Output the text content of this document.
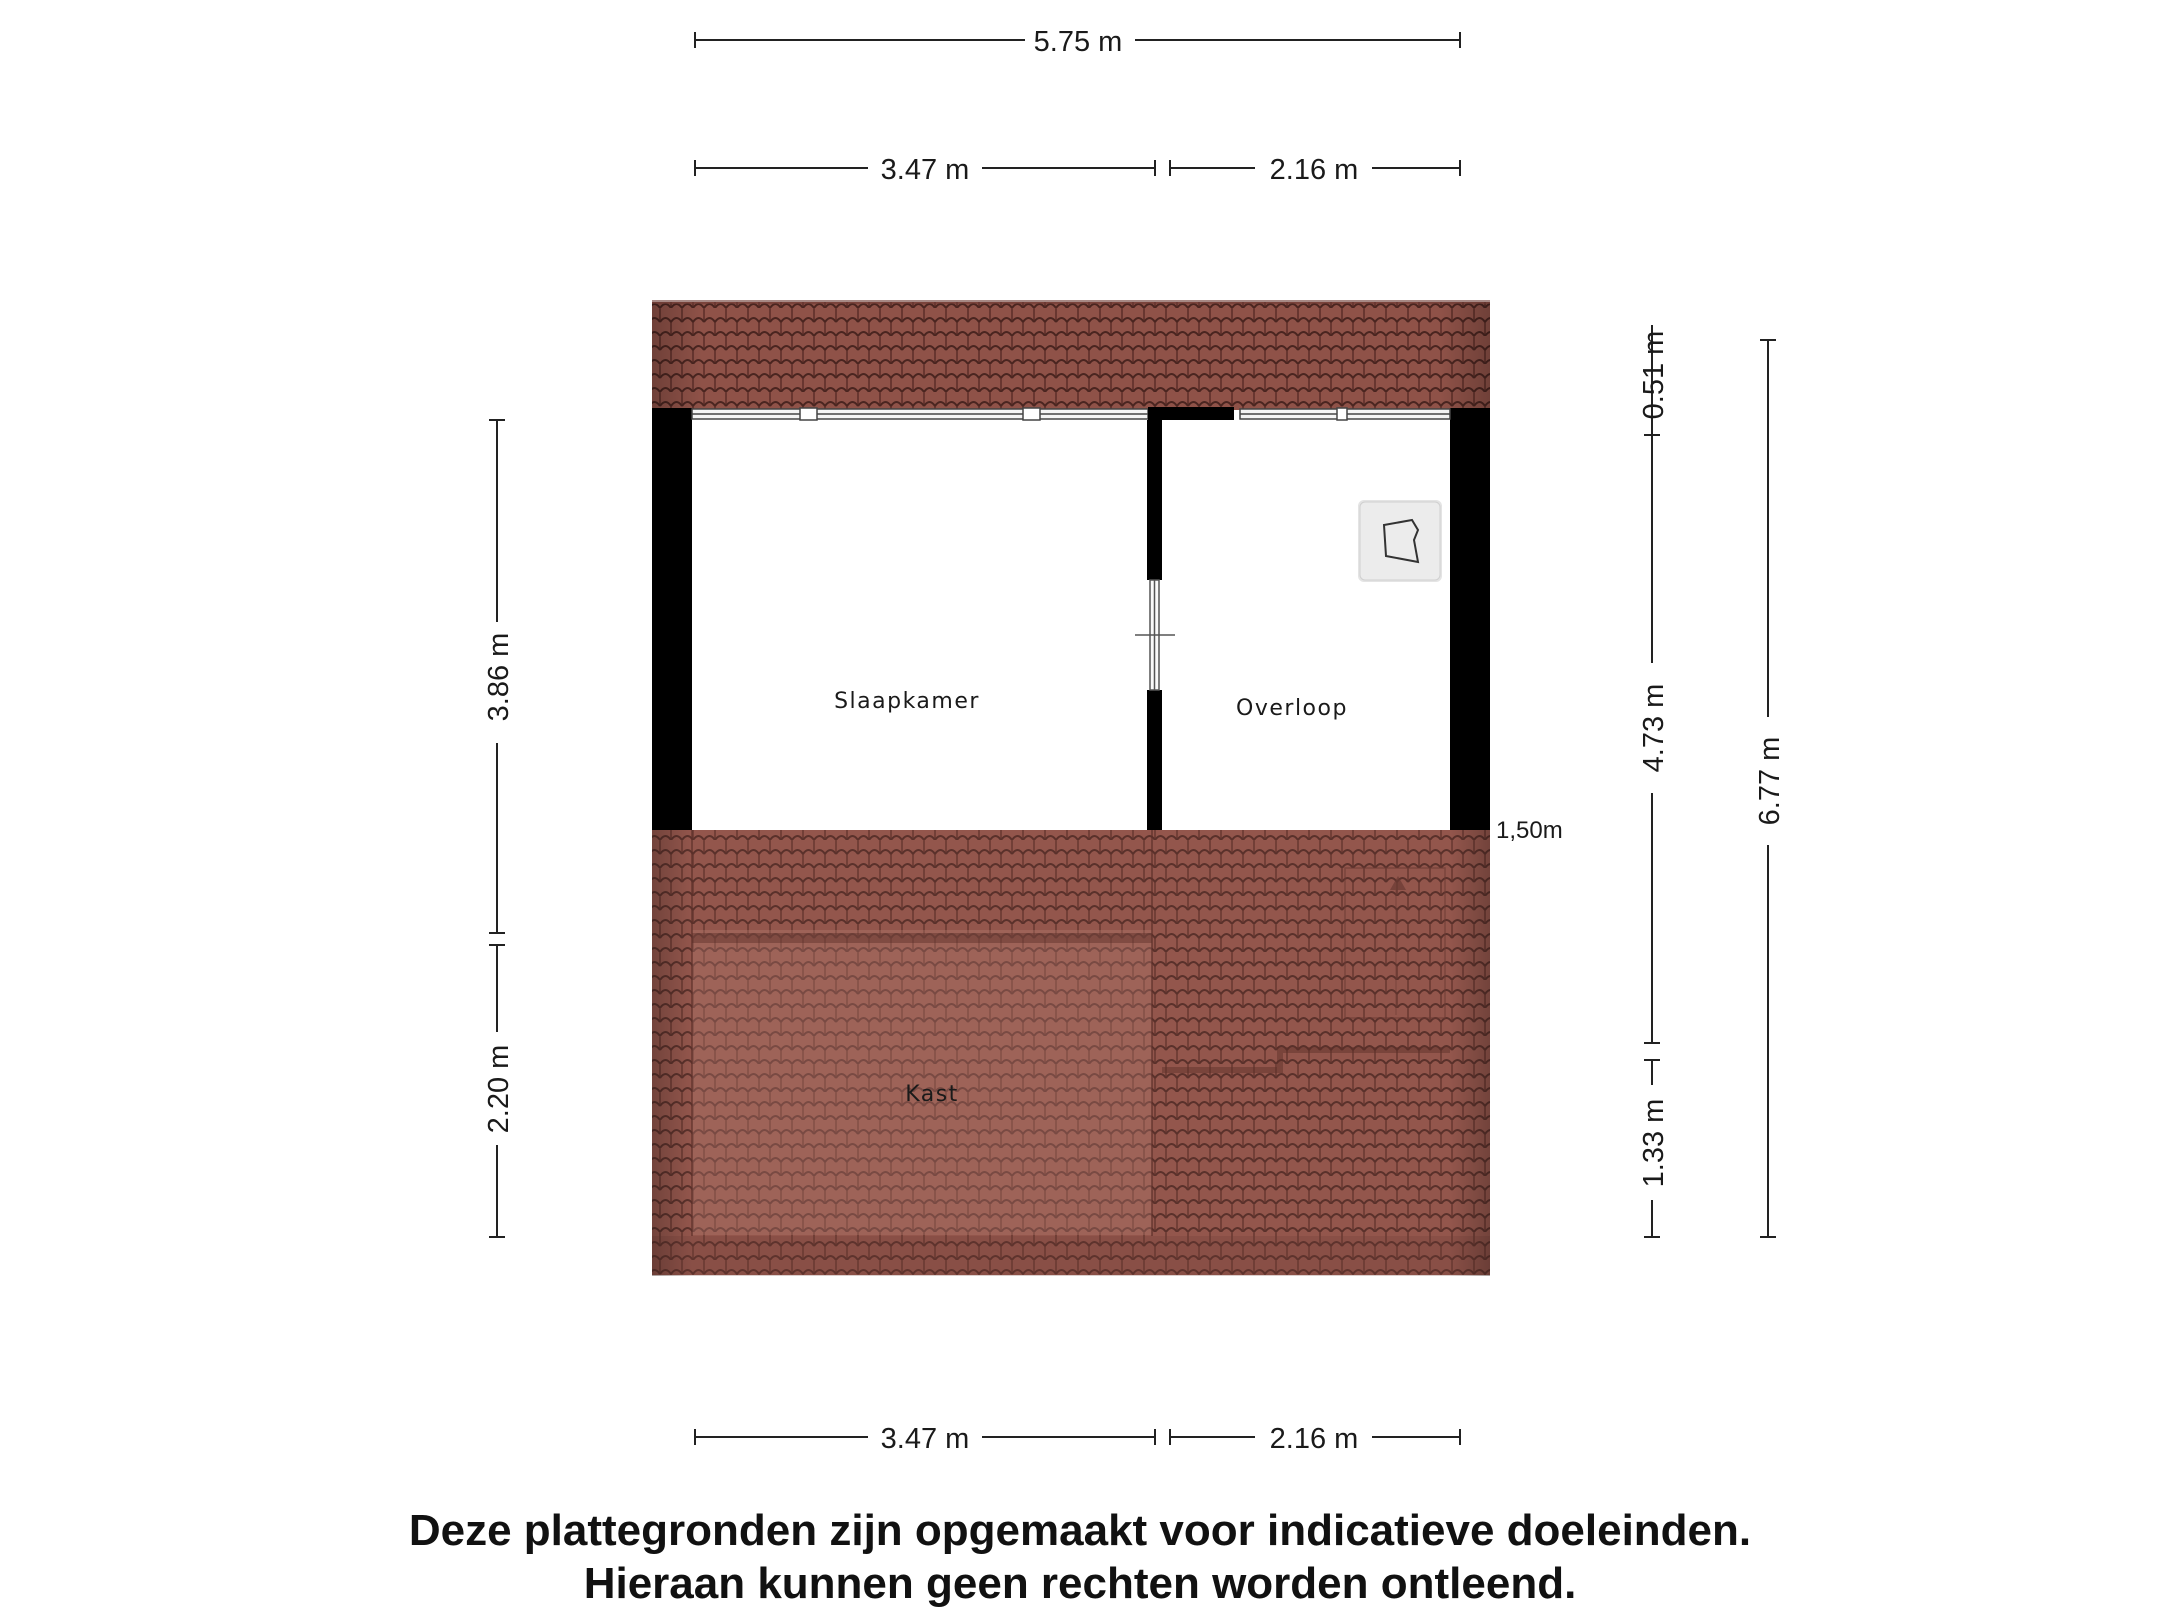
5.75 m
3.47 m	2.16 m
3.47 m	2.16 m
3.86 m
2.20 m
0.51 m
4.73 m
1.33 m
6.77 m
Slaapkamer	Overloop
Kast
1,50m
Deze plattegronden zijn opgemaakt voor indicatieve doeleinden.
Hieraan kunnen geen rechten worden ontleend.
